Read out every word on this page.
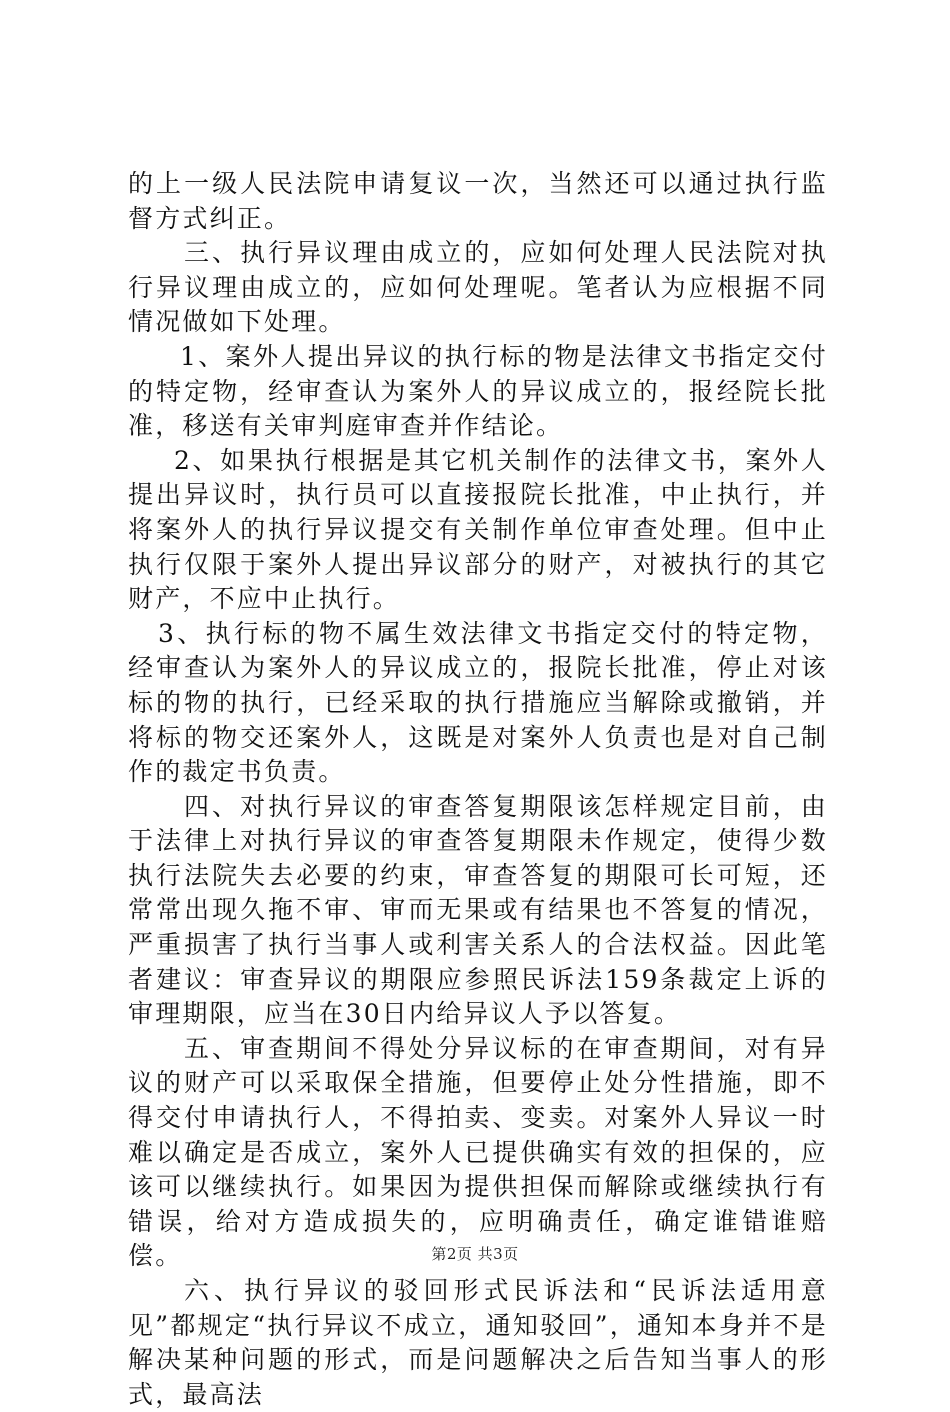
的上一级人民法院申请复议一次，当然还可以通过执行监督方式纠正。

三、执行异议理由成立的，应如何处理人民法院对执行异议理由成立的，应如何处理呢。笔者认为应根据不同情况做如下处理。

1、案外人提出异议的执行标的物是法律文书指定交付的特定物，经审查认为案外人的异议成立的，报经院长批准，移送有关审判庭审查并作结论。

2、如果执行根据是其它机关制作的法律文书，案外人提出异议时，执行员可以直接报院长批准，中止执行，并将案外人的执行异议提交有关制作单位审查处理。但中止执行仅限于案外人提出异议部分的财产，对被执行的其它财产，不应中止执行。

3、执行标的物不属生效法律文书指定交付的特定物，经审查认为案外人的异议成立的，报院长批准，停止对该标的物的执行，已经采取的执行措施应当解除或撤销，并将标的物交还案外人，这既是对案外人负责也是对自己制作的裁定书负责。

四、对执行异议的审查答复期限该怎样规定目前，由于法律上对执行异议的审查答复期限未作规定，使得少数执行法院失去必要的约束，审查答复的期限可长可短，还常常出现久拖不审、审而无果或有结果也不答复的情况，严重损害了执行当事人或利害关系人的合法权益。因此笔者建议：审查异议的期限应参照民诉法159条裁定上诉的审理期限，应当在30日内给异议人予以答复。

五、审查期间不得处分异议标的在审查期间，对有异议的财产可以采取保全措施，但要停止处分性措施，即不得交付申请执行人，不得拍卖、变卖。对案外人异议一时难以确定是否成立，案外人已提供确实有效的担保的，应该可以继续执行。如果因为提供担保而解除或继续执行有错误，给对方造成损失的，应明确责任，确定谁错谁赔偿。

六、执行异议的驳回形式民诉法和“民诉法适用意见”都规定“执行异议不成立，通知驳回”，通知本身并不是解决某种问题的形式，而是问题解决之后告知当事人的形式，最高法

第2页 共3页
